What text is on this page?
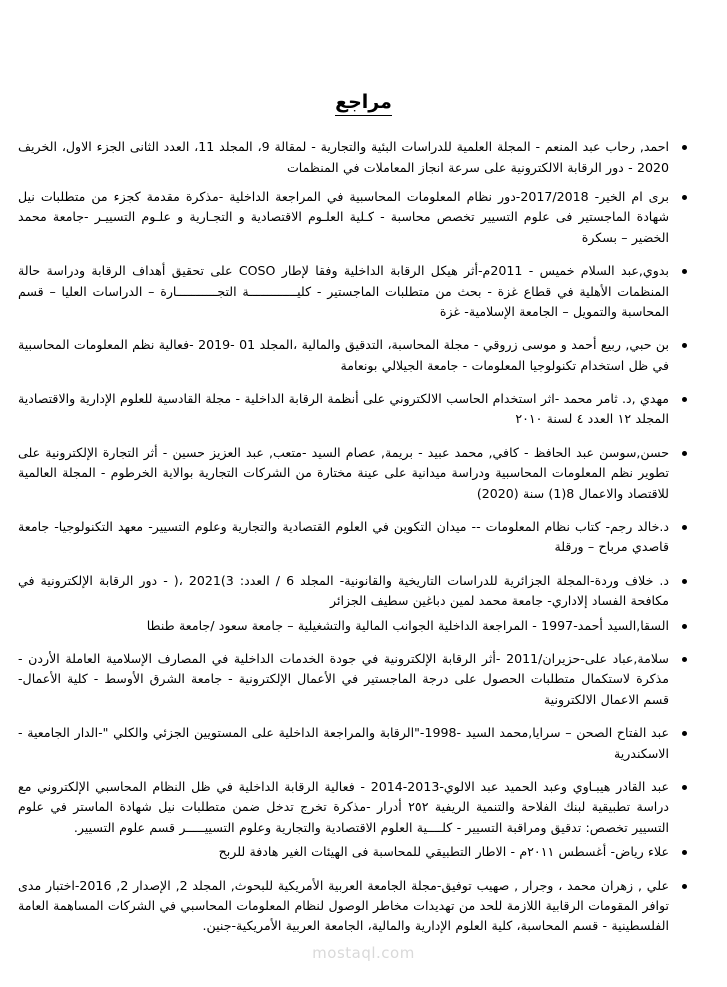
مراجع
احمد, رحاب عبد المنعم - المجلة العلمية للدراسات البئية والتجارية - لمقالة 9، المجلد 11، العدد الثانى الجزء الاول، الخريف 2020 - دور الرقابة الالكترونية على سرعة انجاز المعاملات في المنظمات
برى ام الخير- 2017/2018-دور نظام المعلومات المحاسبية في المراجعة الداخلية -مذكرة مقدمة كجزء من متطلبات نيل شهادة الماجستير فى علوم التسيير تخصص محاسبة - كـلية العلـوم الاقتصادية و التجـارية و علـوم التسييـر -جامعة محمد الخضير – بسكرة
بدوي,عبد السلام خميس - 2011م-أثر هيكل الرقابة الداخلية وفقا لإطار COSO على تحقيق أهداف الرقابة ودراسة حالة المنظمات الأهلية في قطاع غزة - بحث من متطلبات الماجستير - كليـــــــــــــة التجـــــــــــارة – الدراسات العليا – قسم المحاسبة والتمويل – الجامعة الإسلامية- غزة
بن حبي, ربيع أحمد و موسى زروقي - مجلة المحاسبة، التدقيق والمالية ،المجلد 01 -2019 -فعالية نظم المعلومات المحاسبية في ظل استخدام تكنولوجيا المعلومات - جامعة الجيلالي بونعامة
مهدي ,د. ثامر محمد -اثر استخدام الحاسب الالكتروني على أنظمة الرقابة الداخلية - مجلة القادسية للعلوم الإدارية والاقتصادية المجلد ١٢ العدد ٤ لسنة ٢٠١٠
حسن,سوسن عبد الحافظ - كافي, محمد عبيد - بريمة, عصام السيد -متعب, عبد العزيز حسين - أثر التجارة الإلكترونية على تطوير نظم المعلومات المحاسبية ودراسة ميدانية على عينة مختارة من الشركات التجارية بوالاية الخرطوم - المجلة العالمية للاقتصاد والاعمال 8(1) سنة (2020)
د.خالد رجم- كتاب نظام المعلومات -- ميدان التكوين في العلوم القتصادية والتجارية وعلوم التسيير- معهد التكنولوجيا- جامعة قاصدي مرباح – ورقلة
د. خلاف وردة-المجلة الجزائرية للدراسات التاريخية والقانونية- المجلد 6 / العدد: 3)2021 ،( - دور الرقابة الإلكترونية في مكافحة الفساد إلاداري- جامعة محمد لمين دباغين سطيف الجزائر
السقا,السيد أحمد-1997 - المراجعة الداخلية الجوانب المالية والتشغيلية – جامعة سعود /جامعة طنطا
سلامة,عباد على-حزيران/2011 -أثر الرقابة الإلكترونية في جودة الخدمات الداخلية في المصارف الإسلامية العاملة الأردن - مذكرة لاستكمال متطلبات الحصول على درجة الماجستير في الأعمال الإلكترونية - جامعة الشرق الأوسط - كلية الأعمال- قسم الاعمال الالكترونية
عبد الفتاح الصحن – سرايا,محمد السيد -1998-"الرقابة والمراجعة الداخلية على المستويين الجزئي والكلي "-الدار الجامعية - الاسكندرية
عبد القادر هيبـاوي وعبد الحميد عبد الالوي-2013-2014 - فعالية الرقابة الداخلية في ظل النظام المحاسبي الإلكتروني مع دراسة تطبيقية لبنك الفلاحة والتنمية الريفية ٢٥٢ أدرار -مذكرة تخرج تدخل ضمن متطلبات نيل شهادة الماستر في علوم التسيير تخصص: تدقيق ومراقبة التسيير - كلــــية العلوم الاقتصادية والتجارية وعلوم التسييـــــر قسم علوم التسيير.
علاء رياض- أغسطس ٢٠١١م - الاطار التطبيقي للمحاسبة فى الهيئات الغير هادفة للربح
علي , زهران محمد ، وجرار , صهيب توفيق-مجلة الجامعة العربية الأمريكية للبحوث, المجلد 2, الإصدار 2, 2016-اختبار مدى توافر المقومات الرقابية اللازمة للحد من تهديدات مخاطر الوصول لنظام المعلومات المحاسبي في الشركات المساهمة العامة الفلسطينية - قسم المحاسبة، كلية العلوم الإدارية والمالية، الجامعة العربية الأمريكية-جنين.
mostaql.com
